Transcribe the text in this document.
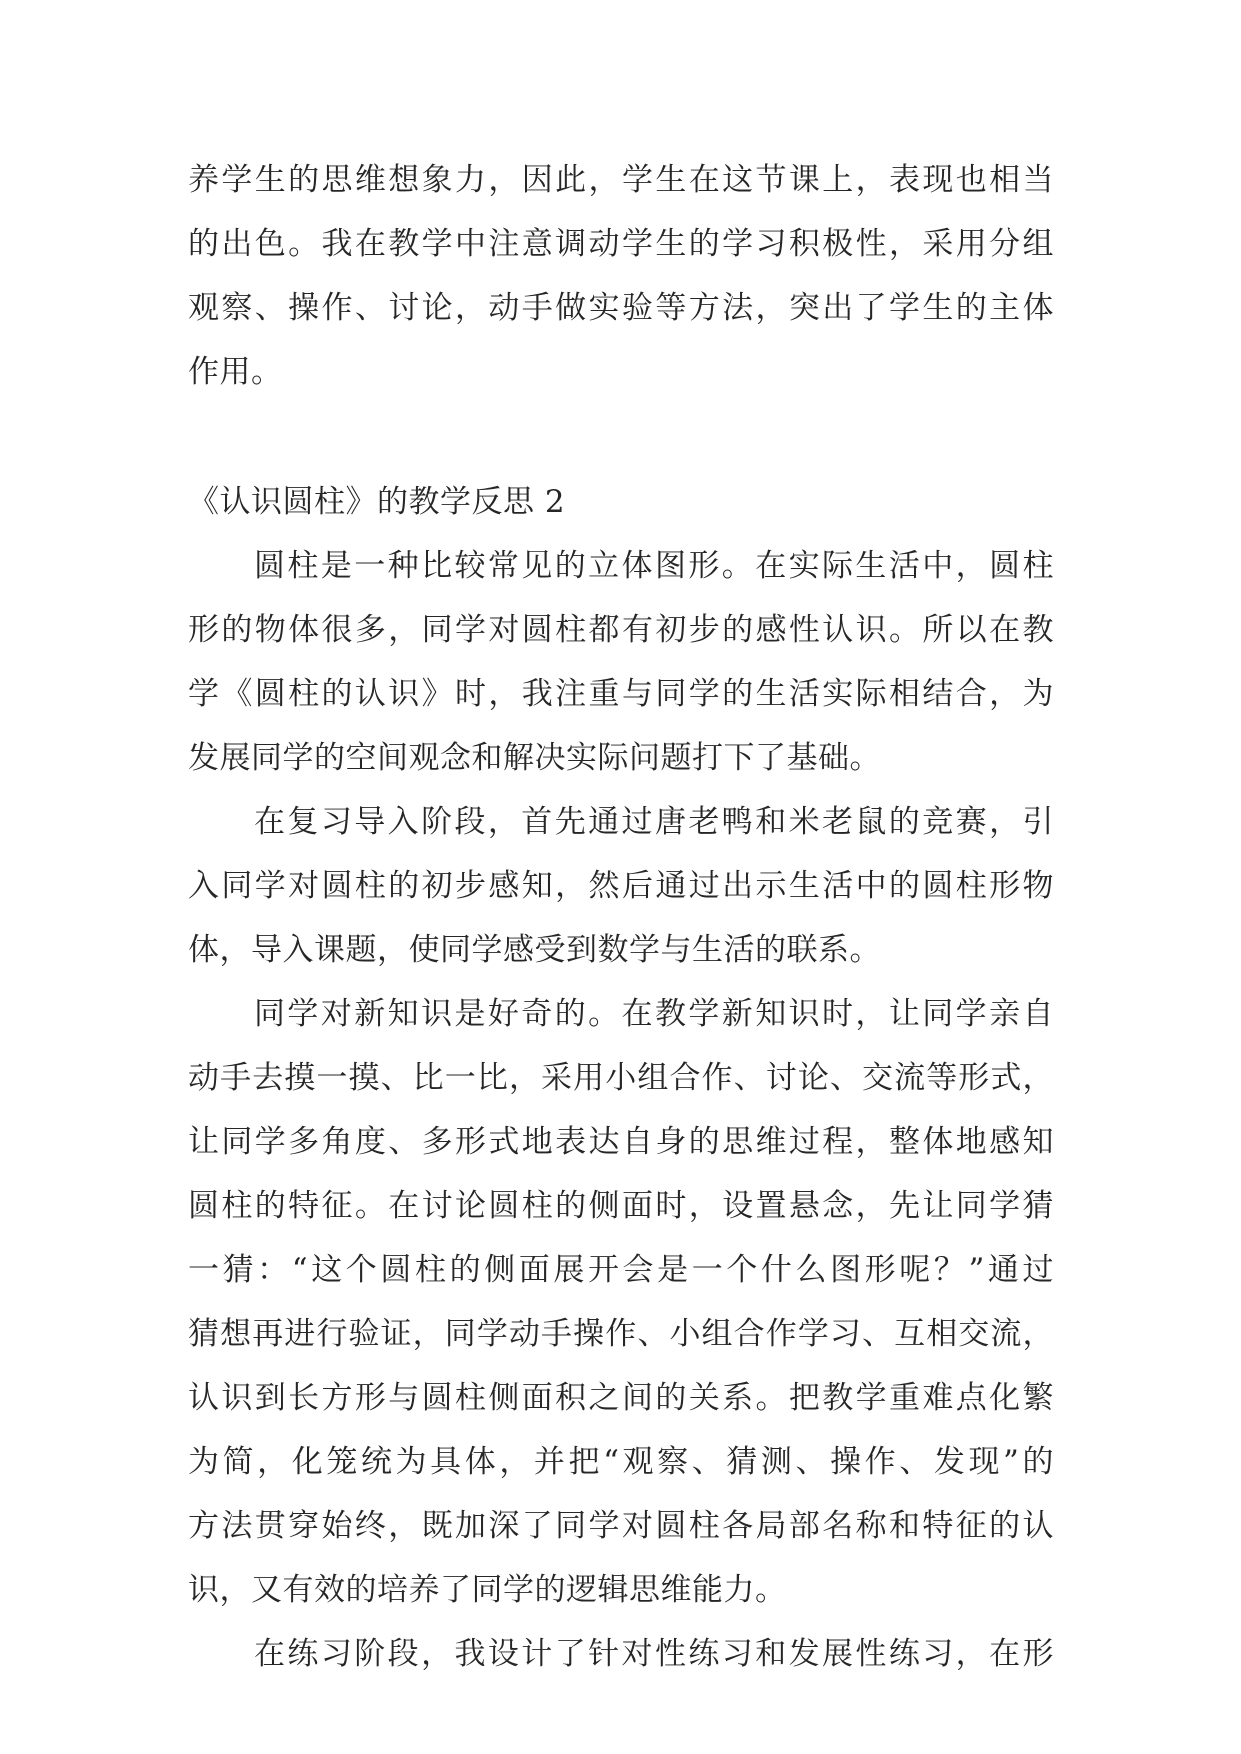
养学生的思维想象力，因此，学生在这节课上，表现也相当
的出色。我在教学中注意调动学生的学习积极性，采用分组
观察、操作、讨论，动手做实验等方法，突出了学生的主体
作用。
《认识圆柱》的教学反思 2
圆柱是一种比较常见的立体图形。在实际生活中，圆柱
形的物体很多，同学对圆柱都有初步的感性认识。所以在教
学《圆柱的认识》时，我注重与同学的生活实际相结合，为
发展同学的空间观念和解决实际问题打下了基础。
在复习导入阶段，首先通过唐老鸭和米老鼠的竞赛，引
入同学对圆柱的初步感知，然后通过出示生活中的圆柱形物
体，导入课题，使同学感受到数学与生活的联系。
同学对新知识是好奇的。在教学新知识时，让同学亲自
动手去摸一摸、比一比，采用小组合作、讨论、交流等形式，
让同学多角度、多形式地表达自身的思维过程，整体地感知
圆柱的特征。在讨论圆柱的侧面时，设置悬念，先让同学猜
一猜：“这个圆柱的侧面展开会是一个什么图形呢？”通过
猜想再进行验证，同学动手操作、小组合作学习、互相交流，
认识到长方形与圆柱侧面积之间的关系。把教学重难点化繁
为简，化笼统为具体，并把“观察、猜测、操作、发现”的
方法贯穿始终，既加深了同学对圆柱各局部名称和特征的认
识，又有效的培养了同学的逻辑思维能力。
在练习阶段，我设计了针对性练习和发展性练习，在形
